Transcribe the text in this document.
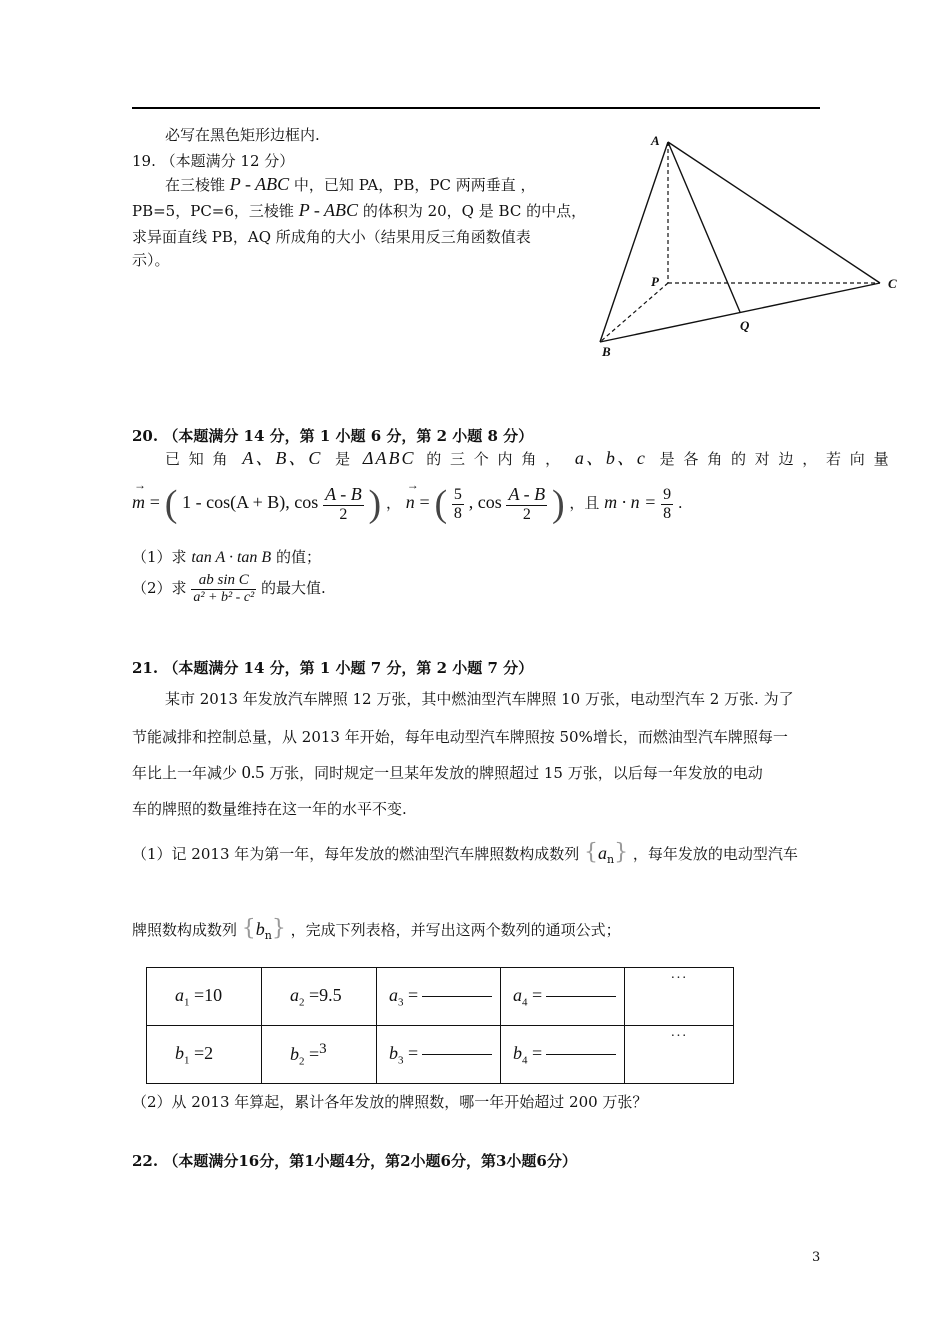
必写在黑色矩形边框内.
19. （本题满分 12 分）
在三棱锥 P - ABC 中，已知 PA，PB，PC 两两垂直 ，
PB=5，PC=6，三棱锥 P - ABC 的体积为 20，Q 是 BC 的中点，
求异面直线 PB，AQ 所成角的大小（结果用反三角函数值表
示）。
A
P	C
Q
B
20. （本题满分 14 分，第 1 小题 6 分，第 2 小题 8 分）
已 知 角 A、B、C 是 ΔABC 的 三 个 内 角 ， a、b、c 是 各 角 的 对 边 ， 若 向 量
→
m = ( 1 - cos(A + B), $\cos \frac{A - B}{2}$ ) ，
→
n = ( $\frac{5}{8}$ , $\cos \frac{A - B}{2}$ ) ，且 $m \cdot n = \frac{9}{8}$ .
（1）求 tan A · tan B 的值；
（2）求 $\frac{\text{ab sin C}}{\text{a² + b² - c²}}$ 的最大值.
21. （本题满分 14 分，第 1 小题 7 分，第 2 小题 7 分）
某市 2013 年发放汽车牌照 12 万张，其中燃油型汽车牌照 10 万张，电动型汽车 2 万张. 为了
节能减排和控制总量，从 2013 年开始，每年电动型汽车牌照按 50%增长，而燃油型汽车牌照每一
年比上一年减少 0.5 万张，同时规定一旦某年发放的牌照超过 15 万张，以后每一年发放的电动
车的牌照的数量维持在这一年的水平不变.
（1）记 2013 年为第一年，每年发放的燃油型汽车牌照数构成数列 $\{a_n\}$ ，每年发放的电动型汽车
牌照数构成数列 $\{b_n\}$ ，完成下列表格，并写出这两个数列的通项公式；
$a_1 =10$	$a_2 =9.5$	$a_3$ =	$a_4$ =	···

$b_1 =2$	$b_2 =^3$	$b_3$ =	$b_4$ =	···
（2）从 2013 年算起，累计各年发放的牌照数，哪一年开始超过 200 万张？
22. （本题满分16分，第1小题4分，第2小题6分，第3小题6分）
3
